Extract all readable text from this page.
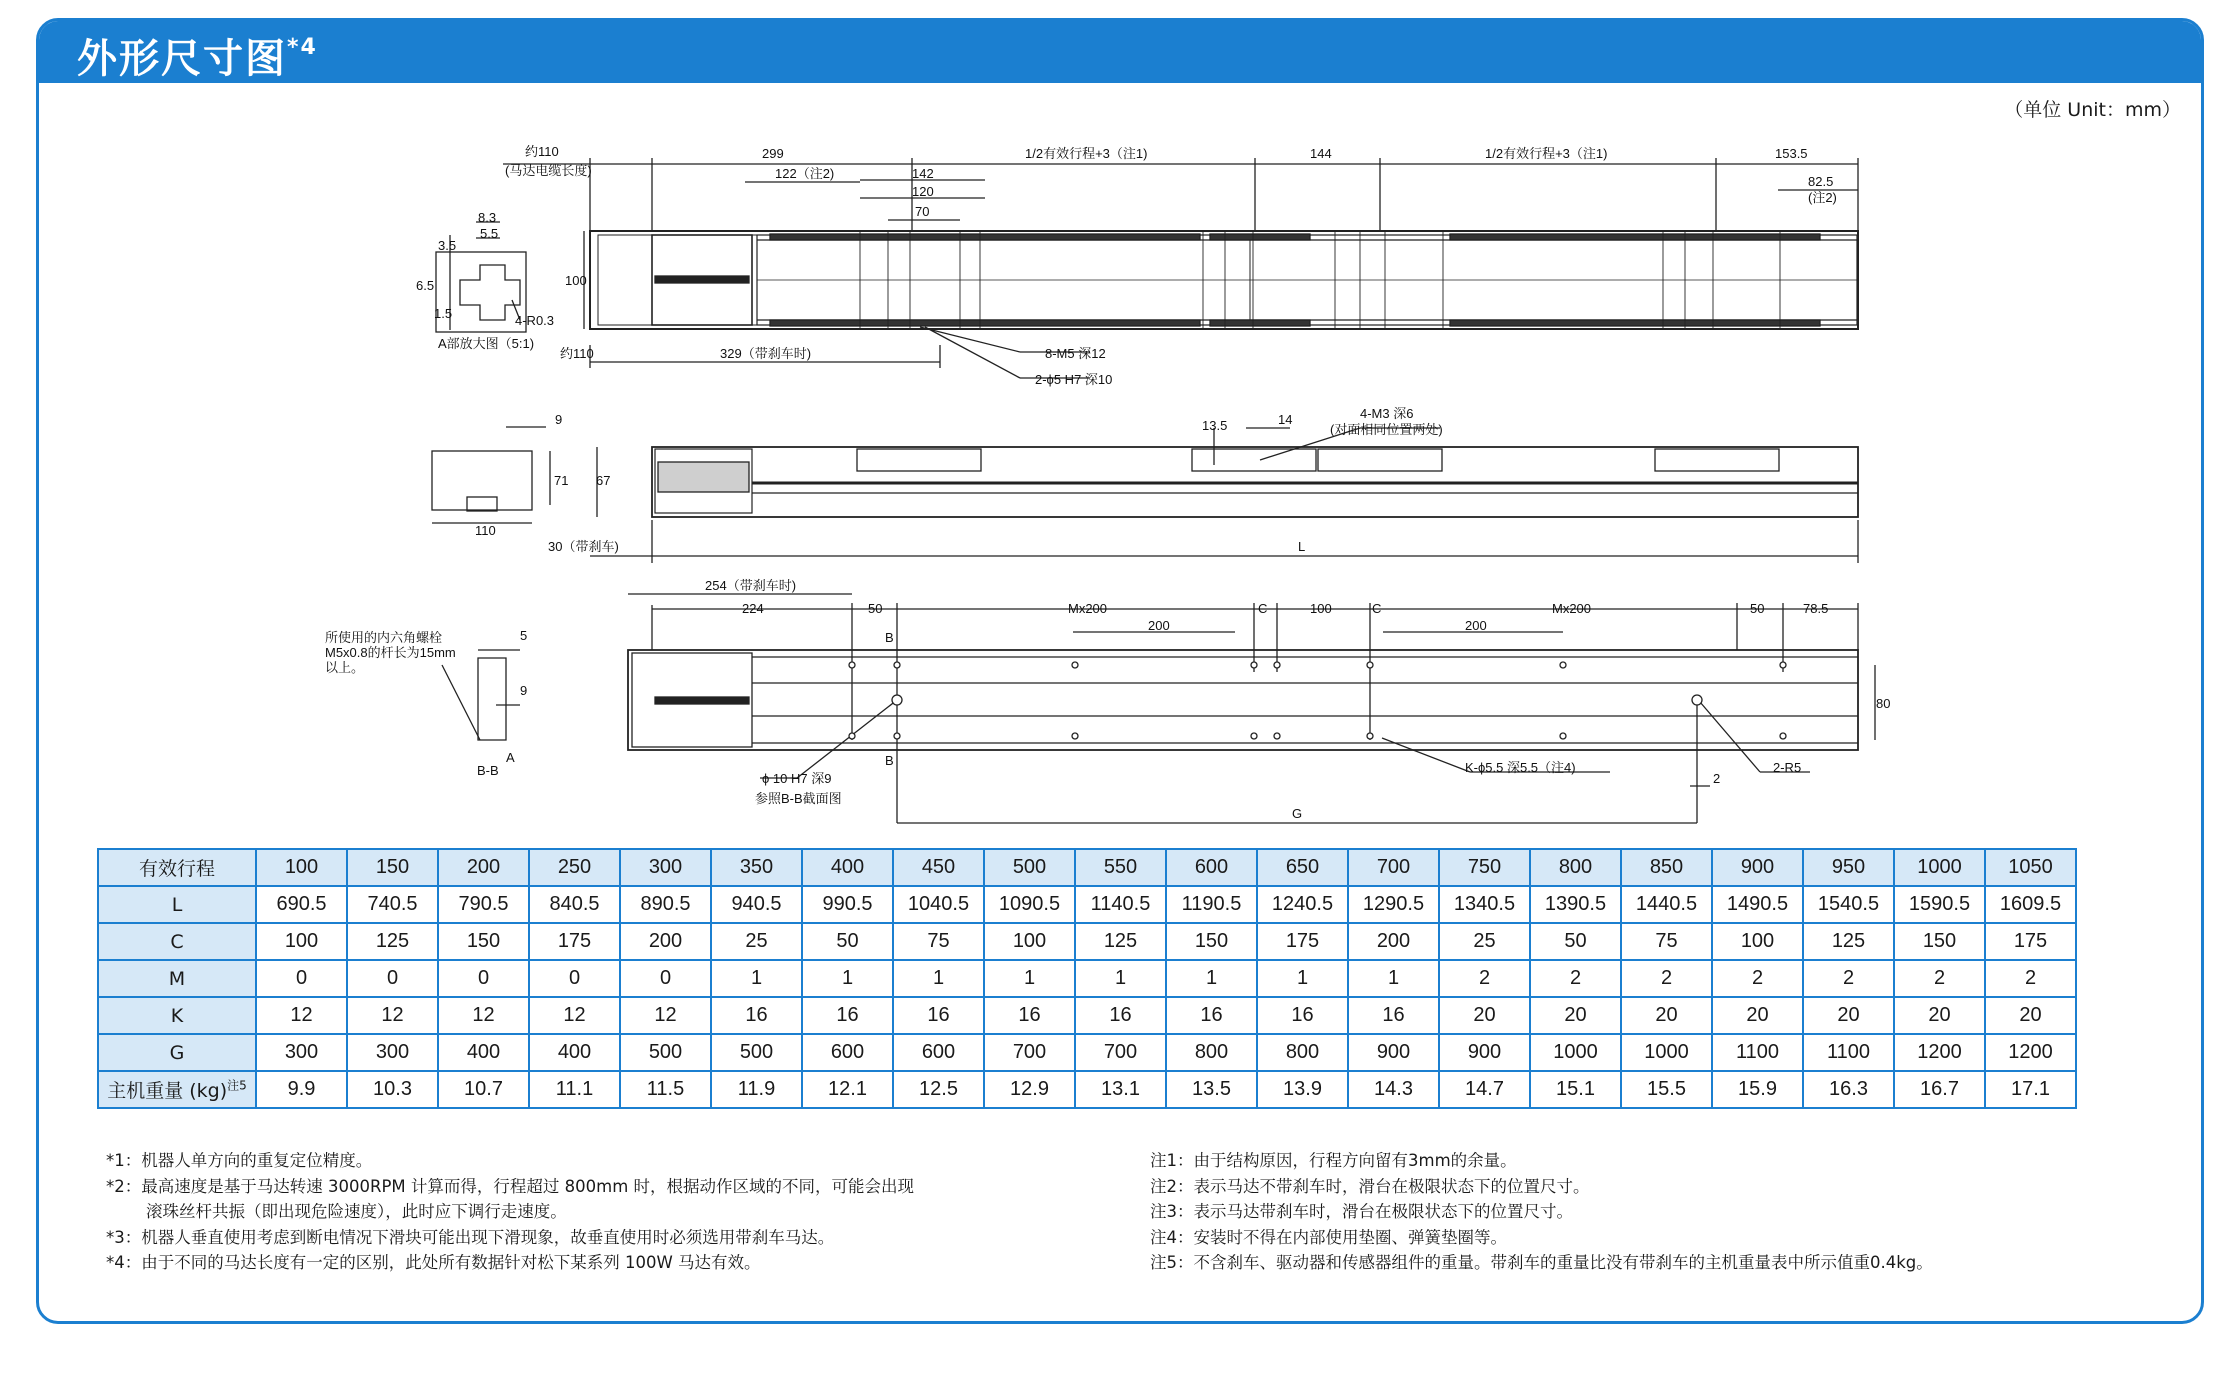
外形尺寸图$^{*4}$
（单位 Unit：mm）
约110
(马达电缆长度)
299	1/2有效行程+3（注1)	144	1/2有效行程+3（注1)	153.5
122（注2)	142
120
70
82.5
(注2)
100
约110	329（带刹车时)	8-M5 深12
2-ϕ5 H7 深10
8.3
5.5
3.5
6.5
1.5	4-R0.3
A部放大图（5:1)
9
71 67
110
13.5	14	4-M3 深6
(对面相同位置两处)
30（带刹车)	L
所使用的内六角螺栓
M5x0.8的杆长为15mm
以上。
5
9
B-B
A
254（带刹车时)
224	50	Mx200
200
C	100	C	Mx200
200
50	78.5
80
B
B
ϕ 10 H7 深9
参照B-B截面图
K-ϕ5.5 深5.5（注4)
2
2-R5
G
有效行程	100	150	200	250	300	350	400	450	500	550	600	650	700	750	800	850	900	950	1000	1050
L	690.5	740.5	790.5	840.5	890.5	940.5	990.5	1040.5	1090.5	1140.5	1190.5	1240.5	1290.5	1340.5	1390.5	1440.5	1490.5	1540.5	1590.5	1609.5
C	100	125	150	175	200	25	50	75	100	125	150	175	200	25	50	75	100	125	150	175
M	0	0	0	0	0	1	1	1	1	1	1	1	1	2	2	2	2	2	2	2
K	12	12	12	12	12	16	16	16	16	16	16	16	16	20	20	20	20	20	20	20
G	300	300	400	400	500	500	600	600	700	700	800	800	900	900	1000	1000	1100	1100	1200	1200
主机重量 (kg)$^{注5}$	9.9	10.3	10.7	11.1	11.5	11.9	12.1	12.5	12.9	13.1	13.5	13.9	14.3	14.7	15.1	15.5	15.9	16.3	16.7	17.1
*1：机器人单方向的重复定位精度。
*2：最高速度是基于马达转速 3000RPM 计算而得，行程超过 800mm 时，根据动作区域的不同，可能会出现
滚珠丝杆共振（即出现危险速度），此时应下调行走速度。
*3：机器人垂直使用考虑到断电情况下滑块可能出现下滑现象，故垂直使用时必须选用带刹车马达。
*4：由于不同的马达长度有一定的区别，此处所有数据针对松下某系列 100W 马达有效。
注1：由于结构原因，行程方向留有3mm的余量。
注2：表示马达不带刹车时，滑台在极限状态下的位置尺寸。
注3：表示马达带刹车时，滑台在极限状态下的位置尺寸。
注4：安装时不得在内部使用垫圈、弹簧垫圈等。
注5：不含刹车、驱动器和传感器组件的重量。带刹车的重量比没有带刹车的主机重量表中所示值重0.4kg。
